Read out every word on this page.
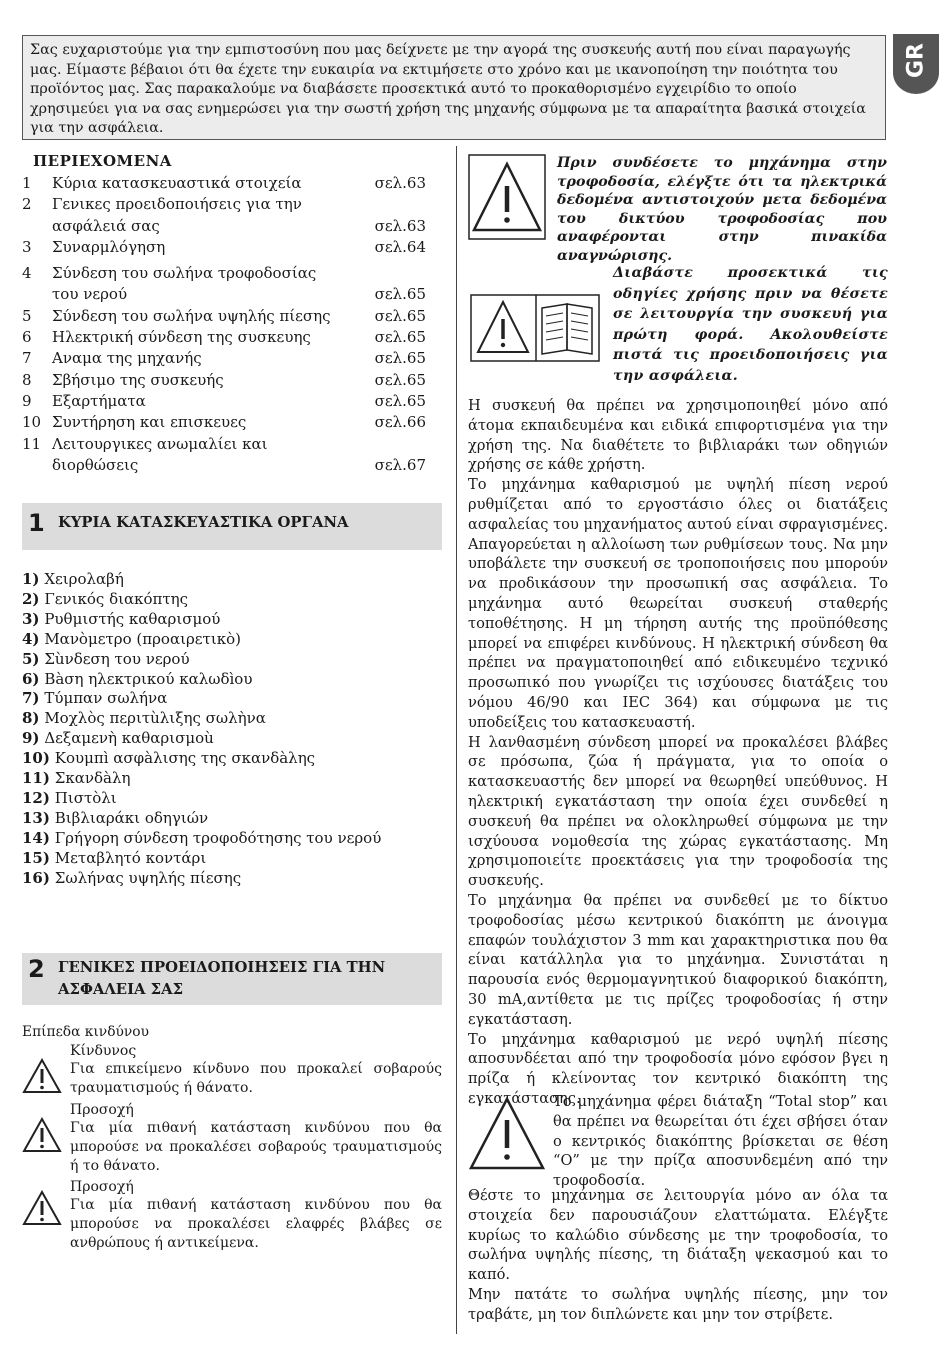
Σας ευχαριστούμε για την εμπιστοσύνη που μας δείχνετε με την αγορά της συσκευής αυτή που είναι παραγωγής μας. Είμαστε βέβαιοι ότι θα έχετε την ευκαιρία να εκτιμήσετε στο χρόνο και με ικανοποίηση την ποιότητα του προϊόντος μας. Σας παρακαλούμε να διαβάσετε προσεκτικά αυτό το προκαθορισμένο εγχειρίδιο το οποίο χρησιμεύει για να σας ενημερώσει για την σωστή χρήση της μηχανής σύμφωνα με τα απαραίτητα βασικά στοιχεία για την ασφάλεια.
GR
ΠΕΡΙΕΧΟΜΕΝΑ
1 Κύρια κατασκευαστικά στοιχεία	σελ.63
2 Γενικες προειδοποιήσεις για την ασφάλειά σας	σελ.63
3 Συναρμλόγηση	σελ.64
4 Σύνδεση του σωλήνα τροφοδοσίας του νερού	σελ.65
5 Σύνδεση του σωλήνα υψηλής πίεσης	σελ.65
6 Ηλεκτρική σύνδεση της συσκευης	σελ.65
7 Αναμα της μηχανής	σελ.65
8 Σβήσιμο της συσκευής	σελ.65
9 Εξαρτήματα	σελ.65
10 Συντήρηση και επισκευες	σελ.66
11 Λειτουργικες ανωμαλίει και διορθώσεις	σελ.67
1 ΚΥΡΙΑ ΚΑΤΑΣΚΕΥΑΣΤΙΚΑ ΟΡΓΑΝΑ
1) Χειρολαβή
2) Γενικός διακόπτης
3) Ρυθμιστής καθαρισμού
4) Μανòμετρο (προαιρετικò)
5) Σùνδεση του νερού
6) Bàση ηλεκτρικού καλωδìου
7) Tύμπαν σωλήνα
8) Μοχλòς περιτùλιξης σωλὴνα
9) Δεξαμενὴ καθαρισμοù
10) Κουμπì ασφàλισης της σκανδàλης
11) Σκανδàλη
12) Πιστòλι
13) Βιβλιαράκι οδηγιών
14) Γρήγορη σύνδεση τροφοδότησης του νερού
15) Μεταβλητό κοντάρι
16) Σωλήνας υψηλής πίεσης
2 ΓΕΝΙΚΕΣ ΠΡΟΕΙΔΟΠΟΙΗΣΕΙΣ ΓΙΑ ΤΗΝ
ΑΣΦΑΛΕΙΑ ΣΑΣ
Επίπεδα κινδύνου
Κίνδυνος
Για επικείμενο κίνδυνο που προκαλεί σοβαρούς τραυματισμούς ή θάνατο.
Προσοχή
Για μία πιθανή κατάσταση κινδύνου που θα μπορούσε να προκαλέσει σοβαρούς τραυματισμούς ή το θάνατο.
Προσοχή
Για μία πιθανή κατάσταση κινδύνου που θα μπορούσε να προκαλέσει ελαφρές βλάβες σε ανθρώπους ή αντικείμενα.
Πριν συνδέσετε το μηχάνημα στην τροφοδοσία, ελέγξτε ότι τα ηλεκτρικά δεδομένα αντιστοιχούν μετα δεδομένα του δικτύου τροφοδοσίας που αναφέρονται στην πινακίδα αναγνώρισης.
Διαβάστε προσεκτικά τις οδηγίες χρήσης πριν να θέσετε σε λειτουργία την συσκευή για πρώτη φορά. Ακολουθείστε πιστά τις προειδοποιήσεις για την ασφάλεια.

Η συσκευή θα πρέπει να χρησιμοποιηθεί μόνο από άτομα εκπαιδευμένα και ειδικά επιφορτισμένα για την χρήση της. Να διαθέτετε το βιβλιαράκι των οδηγιών χρήσης σε κάθε χρήστη.

Το μηχάνημα καθαρισμού με υψηλή πίεση νερού ρυθμίζεται από το εργοστάσιο όλες οι διατάξεις ασφαλείας του μηχανήματος αυτού είναι σφραγισμένες. Απαγορεύεται η αλλοίωση των ρυθμίσεων τους. Να μην υποβάλετε την συσκευή σε τροποποιήσεις που μπορούν να προδικάσουν την προσωπική σας ασφάλεια. Το μηχάνημα αυτό θεωρείται συσκευή σταθερής τοποθέτησης. Η μη τήρηση αυτής της προϋπόθεσης μπορεί να επιφέρει κινδύνους. Η ηλεκτρική σύνδεση θα πρέπει να πραγματοποιηθεί από ειδικευμένο τεχνικό προσωπικό που γνωρίζει τις ισχύουσες διατάξεις του νόμου 46/90 και IEC 364) και σύμφωνα με τις υποδείξεις του κατασκευαστή.

Η λανθασμένη σύνδεση μπορεί να προκαλέσει βλάβες σε πρόσωπα, ζώα ή πράγματα, για το οποία ο κατασκευαστής δεν μπορεί να θεωρηθεί υπεύθυνος. Η ηλεκτρική εγκατάσταση την οποία έχει συνδεθεί η συσκευή θα πρέπει να ολοκληρωθεί σύμφωνα με την ισχύουσα νομοθεσία της χώρας εγκατάστασης. Μη χρησιμοποιείτε προεκτάσεις για την τροφοδοσία της συσκευής.

Το μηχάνημα θα πρέπει να συνδεθεί με το δίκτυο τροφοδοσίας μέσω κεντρικού διακόπτη με άνοιγμα επαφών τουλάχιστον 3 mm και χαρακτηριστικα που θα είναι κατάλληλα για το μηχάνημα. Συνιστάται η παρουσία ενός θερμομαγνητικού διαφορικού διακόπτη, 30 mA,αντίθετα με τις πρίζες τροφοδοσίας ή στην εγκατάσταση.

Το μηχάνημα καθαρισμού με νερό υψηλή πίεσης αποσυνδέεται από την τροφοδοσία μόνο εφόσον βγει η πρίζα ή κλείνοντας τον κεντρικό διακόπτη της εγκατάστασης.

Το μηχάνημα φέρει διάταξη “Total stop” και θα πρέπει να θεωρείται ότι έχει σβήσει όταν ο κεντρικός διακόπτης βρίσκεται σε θέση “O” με την πρίζα αποσυνδεμένη από την τροφοδοσία.

Θέστε το μηχάνημα σε λειτουργία μόνο αν όλα τα στοιχεία δεν παρουσιάζουν ελαττώματα. Ελέγξτε κυρίως το καλώδιο σύνδεσης με την τροφοδοσία, το σωλήνα υψηλής πίεσης, τη διάταξη ψεκασμού και το καπό.

Μην πατάτε το σωλήνα υψηλής πίεσης, μην τον τραβάτε, μη τον διπλώνετε και μην τον στρίβετε.
